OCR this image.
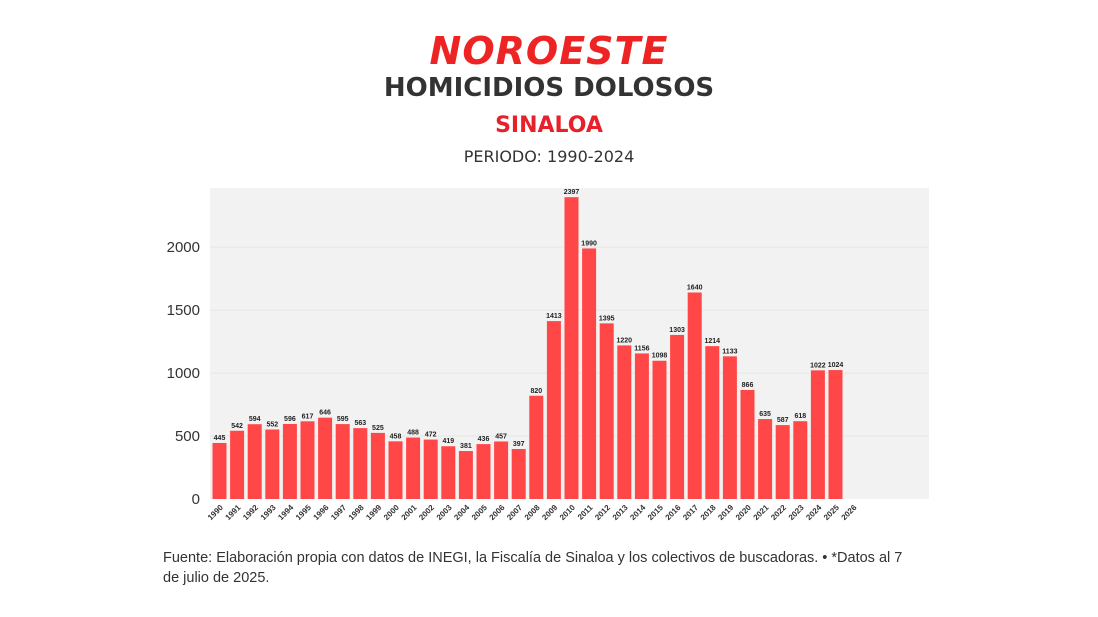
NOROESTE
HOMICIDIOS DOLOSOS
SINALOA
PERIODO: 1990-2024
0
500
1000
1500
2000
445
1990
542
1991
594
1992
552
1993
596
1994
617
1995
646
1996
595
1997
563
1998
525
1999
458
2000
488
2001
472
2002
419
2003
381
2004
436
2005
457
2006
397
2007
820
2008
1413
2009
2397
2010
1990
2011
1395
2012
1220
2013
1156
2014
1098
2015
1303
2016
1640
2017
1214
2018
1133
2019
866
2020
635
2021
587
2022
618
2023
1022
2024
1024
2025
2026
Fuente: Elaboración propia con datos de INEGI, la Fiscalía de Sinaloa y los colectivos de buscadoras. • *Datos al 7
de julio de 2025.
